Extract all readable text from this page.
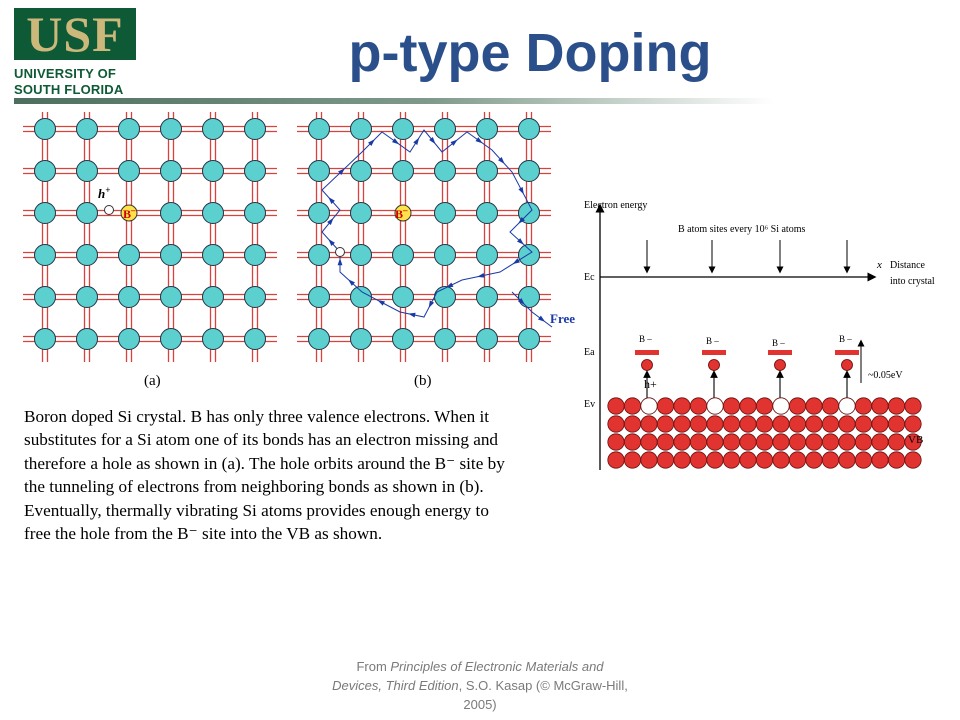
USF
UNIVERSITY OF
SOUTH FLORIDA
p-type Doping
B–
h+
B–
Free
(a)	(b)
Electron energy
B atom sites every 10⁶ Si atoms
Ec
x Distance
into crystal
Ea
Ev
B –	B –	B –	B –
h+
~0.05eV
VB
Boron doped Si crystal. B has only three valence electrons. When it
substitutes for a Si atom one of its bonds has an electron missing and
therefore a hole as shown in (a). The hole orbits around the B⁻ site by
the tunneling of electrons from neighboring bonds as shown in (b).
Eventually, thermally vibrating Si atoms provides enough energy to
free the hole from the B⁻ site into the VB as shown.
From Principles of Electronic Materials and Devices, Third Edition, S.O. Kasap (© McGraw-Hill, 2005)
